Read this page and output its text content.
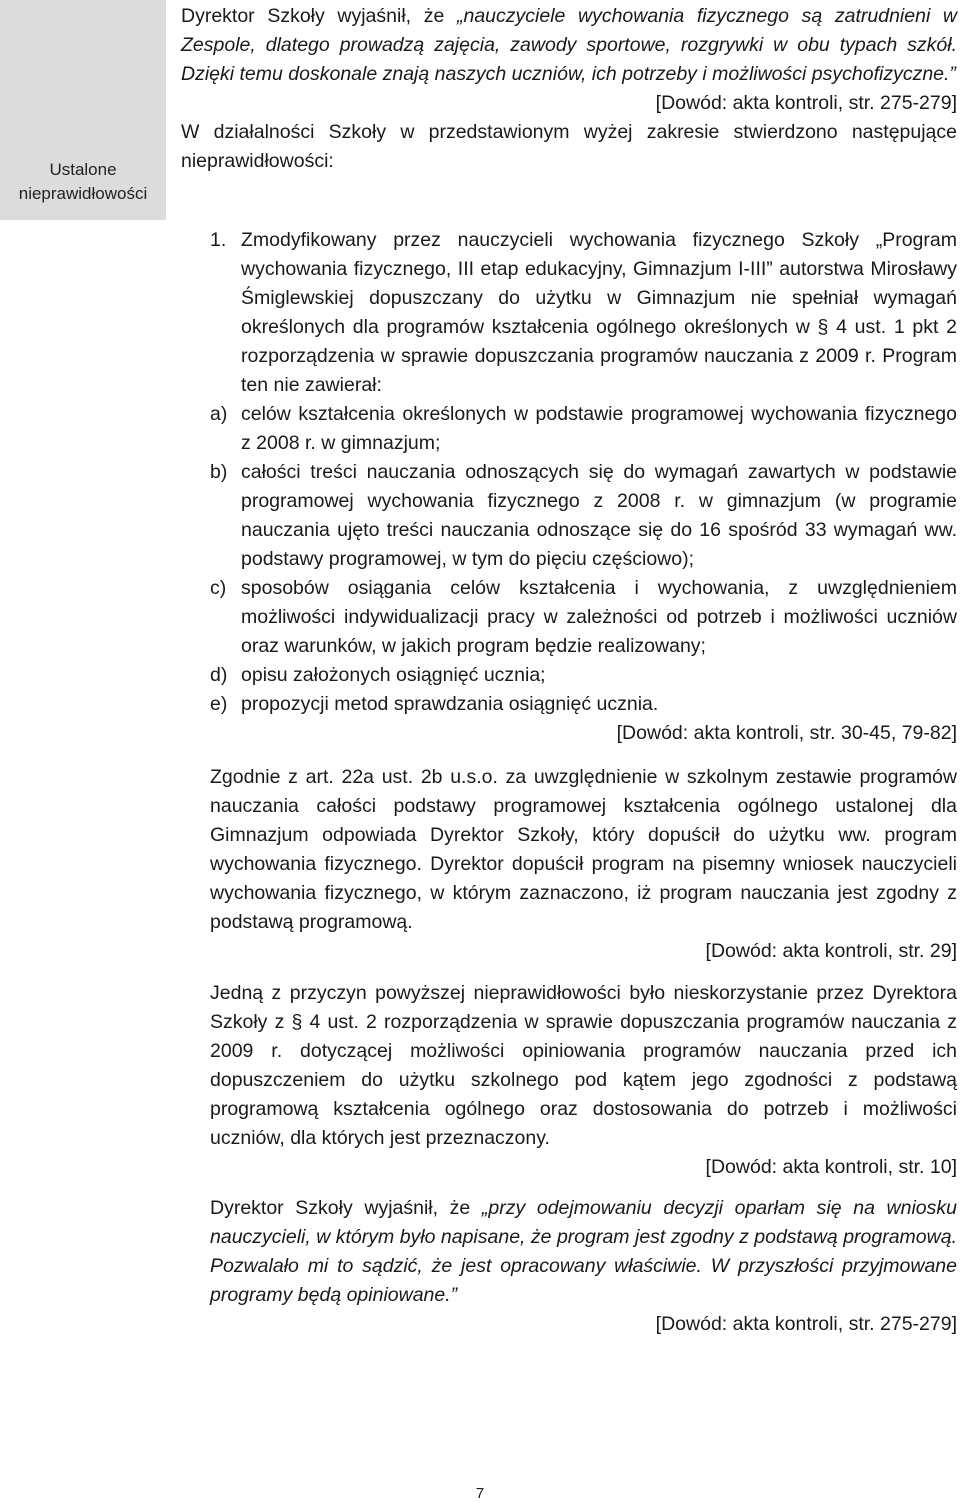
Ustalone nieprawidłowości

Dyrektor Szkoły wyjaśnił, że „nauczyciele wychowania fizycznego są zatrudnieni w Zespole, dlatego prowadzą zajęcia, zawody sportowe, rozgrywki w obu typach szkół. Dzięki temu doskonale znają naszych uczniów, ich potrzeby i możliwości psychofizyczne.”

[Dowód: akta kontroli, str. 275-279]

W działalności Szkoły w przedstawionym wyżej zakresie stwierdzono następujące nieprawidłowości:

1. Zmodyfikowany przez nauczycieli wychowania fizycznego Szkoły „Program wychowania fizycznego, III etap edukacyjny, Gimnazjum I-III” autorstwa Mirosławy Śmiglewskiej dopuszczany do użytku w Gimnazjum nie spełniał wymagań określonych dla programów kształcenia ogólnego określonych w § 4 ust. 1 pkt 2 rozporządzenia w sprawie dopuszczania programów nauczania z 2009 r. Program ten nie zawierał:
a) celów kształcenia określonych w podstawie programowej wychowania fizycznego z 2008 r. w gimnazjum;
b) całości treści nauczania odnoszących się do wymagań zawartych w podstawie programowej wychowania fizycznego z 2008 r. w gimnazjum (w programie nauczania ujęto treści nauczania odnoszące się do 16 spośród 33 wymagań ww. podstawy programowej, w tym do pięciu częściowo);
c) sposobów osiągania celów kształcenia i wychowania, z uwzględnieniem możliwości indywidualizacji pracy w zależności od potrzeb i możliwości uczniów oraz warunków, w jakich program będzie realizowany;
d) opisu założonych osiągnięć ucznia;
e) propozycji metod sprawdzania osiągnięć ucznia.

[Dowód: akta kontroli, str. 30-45, 79-82]

Zgodnie z art. 22a ust. 2b u.s.o. za uwzględnienie w szkolnym zestawie programów nauczania całości podstawy programowej kształcenia ogólnego ustalonej dla Gimnazjum odpowiada Dyrektor Szkoły, który dopuścił do użytku ww. program wychowania fizycznego. Dyrektor dopuścił program na pisemny wniosek nauczycieli wychowania fizycznego, w którym zaznaczono, iż program nauczania jest zgodny z podstawą programową.

[Dowód: akta kontroli, str. 29]

Jedną z przyczyn powyższej nieprawidłowości było nieskorzystanie przez Dyrektora Szkoły z § 4 ust. 2 rozporządzenia w sprawie dopuszczania programów nauczania z 2009 r. dotyczącej możliwości opiniowania programów nauczania przed ich dopuszczeniem do użytku szkolnego pod kątem jego zgodności z podstawą programową kształcenia ogólnego oraz dostosowania do potrzeb i możliwości uczniów, dla których jest przeznaczony.

[Dowód: akta kontroli, str. 10]

Dyrektor Szkoły wyjaśnił, że „przy odejmowaniu decyzji oparłam się na wniosku nauczycieli, w którym było napisane, że program jest zgodny z podstawą programową. Pozwalało mi to sądzić, że jest opracowany właściwie. W przyszłości przyjmowane programy będą opiniowane.”

[Dowód: akta kontroli, str. 275-279]

7
